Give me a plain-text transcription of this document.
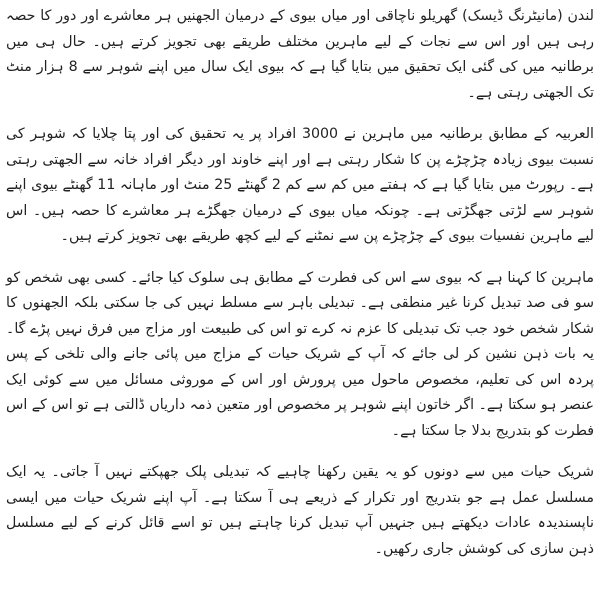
لندن (مانیٹرنگ ڈیسک) گھریلو ناچاقی اور میاں بیوی کے درمیان الجھنیں ہر معاشرے اور دور کا حصہ رہی ہیں اور اس سے نجات کے لیے ماہرین مختلف طریقے بھی تجویز کرتے ہیں۔ حال ہی میں برطانیہ میں کی گئی ایک تحقیق میں بتایا گیا ہے کہ بیوی ایک سال میں اپنے شوہر سے 8 ہزار منٹ تک الجھتی رہتی ہے۔

العربیہ کے مطابق برطانیہ میں ماہرین نے 3000 افراد پر یہ تحقیق کی اور پتا چلایا کہ شوہر کی نسبت بیوی زیادہ چڑچڑے پن کا شکار رہتی ہے اور اپنے خاوند اور دیگر افراد خانہ سے الجھتی رہتی ہے۔ رپورٹ میں بتایا گیا ہے کہ ہفتے میں کم سے کم 2 گھنٹے 25 منٹ اور ماہانہ 11 گھنٹے بیوی اپنے شوہر سے لڑتی جھگڑتی ہے۔ چونکہ میاں بیوی کے درمیان جھگڑے ہر معاشرے کا حصہ ہیں۔ اس لیے ماہرین نفسیات بیوی کے چڑچڑے پن سے نمٹنے کے لیے کچھ طریقے بھی تجویز کرتے ہیں۔

ماہرین کا کہنا ہے کہ بیوی سے اس کی فطرت کے مطابق ہی سلوک کیا جائے۔ کسی بھی شخص کو سو فی صد تبدیل کرنا غیر منطقی ہے۔ تبدیلی باہر سے مسلط نہیں کی جا سکتی بلکہ الجھنوں کا شکار شخص خود جب تک تبدیلی کا عزم نہ کرے تو اس کی طبیعت اور مزاج میں فرق نہیں پڑے گا۔ یہ بات ذہن نشین کر لی جائے کہ آپ کے شریک حیات کے مزاج میں پائی جانے والی تلخی کے پس پردہ اس کی تعلیم، مخصوص ماحول میں پرورش اور اس کے موروثی مسائل میں سے کوئی ایک عنصر ہو سکتا ہے۔ اگر خاتون اپنے شوہر پر مخصوص اور متعین ذمہ داریاں ڈالتی ہے تو اس کے اس فطرت کو بتدریج بدلا جا سکتا ہے۔

شریک حیات میں سے دونوں کو یہ یقین رکھنا چاہیے کہ تبدیلی پلک جھپکتے نہیں آ جاتی۔ یہ ایک مسلسل عمل ہے جو بتدریج اور تکرار کے ذریعے ہی آ سکتا ہے۔ آپ اپنے شریک حیات میں ایسی ناپسندیدہ عادات دیکھتے ہیں جنہیں آپ تبدیل کرنا چاہتے ہیں تو اسے قائل کرنے کے لیے مسلسل ذہن سازی کی کوشش جاری رکھیں۔
